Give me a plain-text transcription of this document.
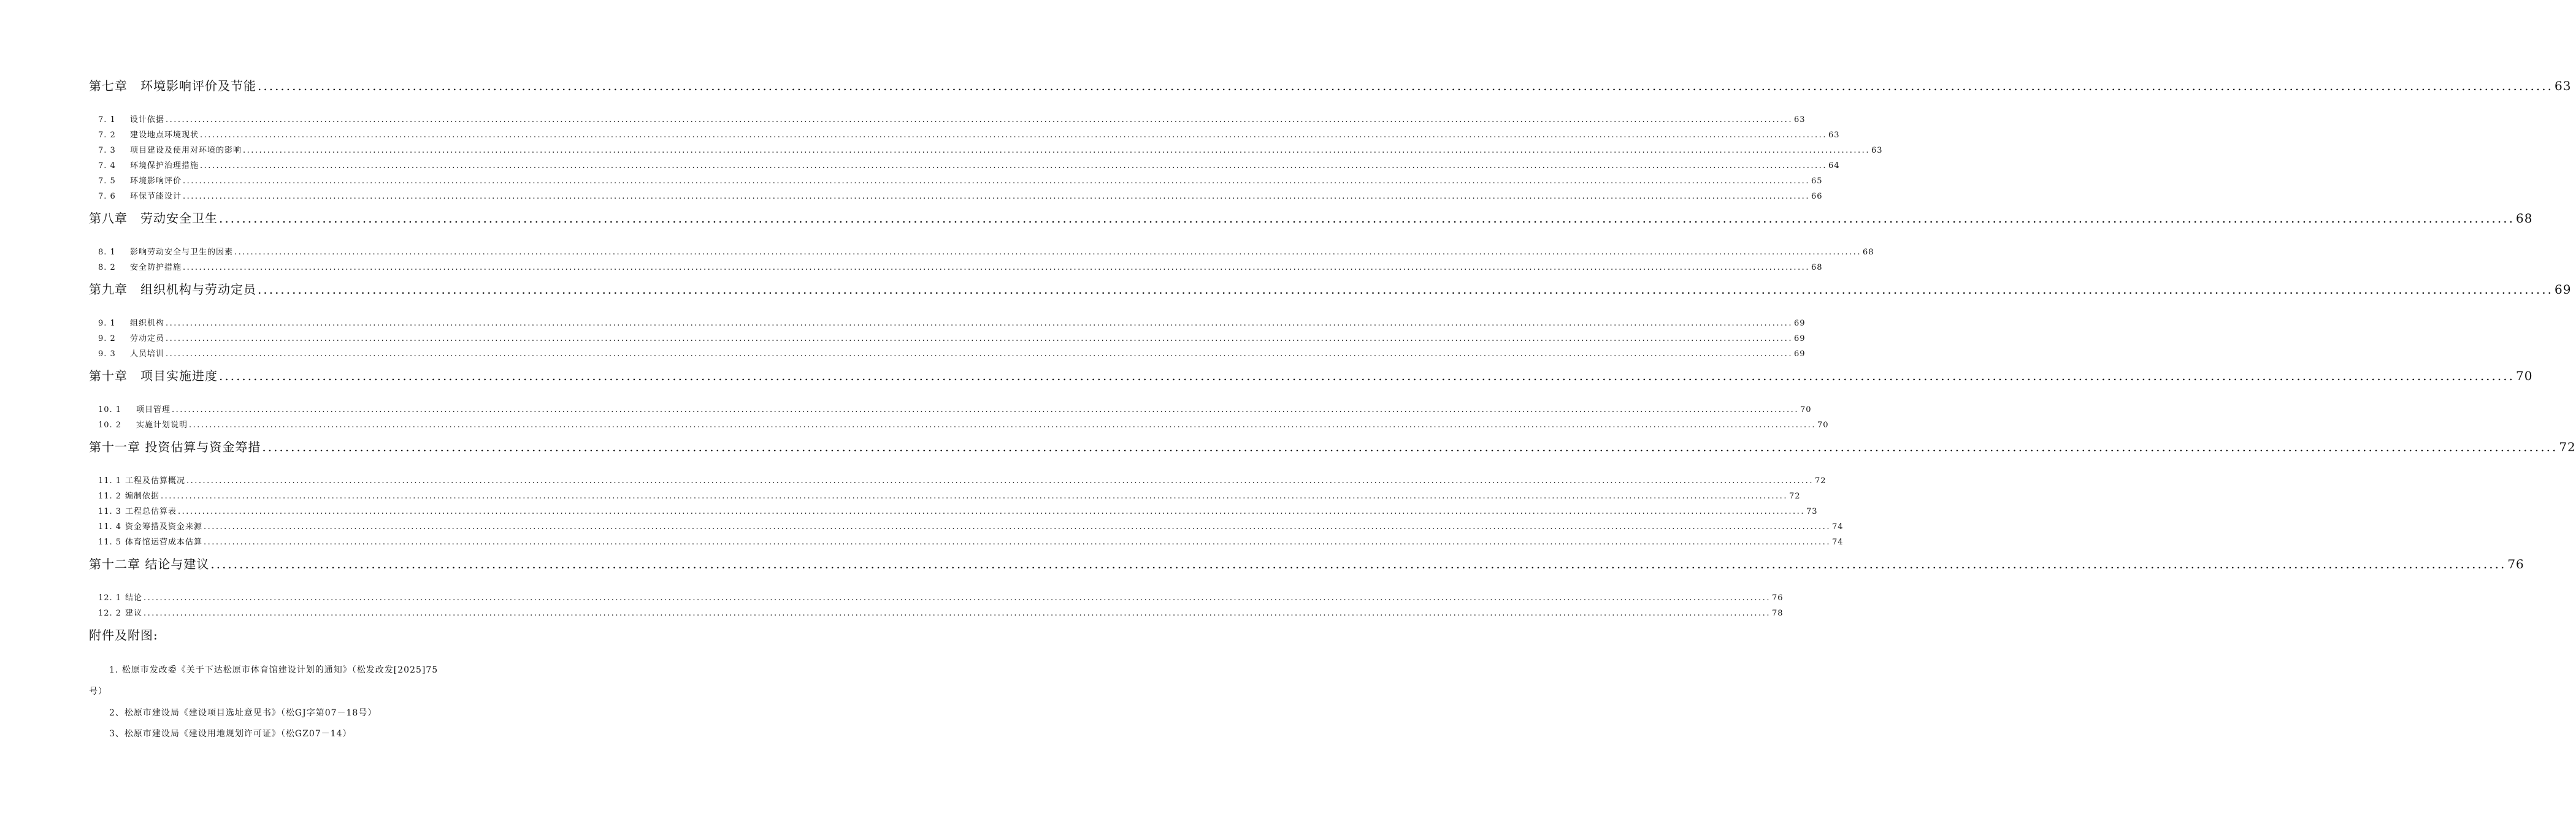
第七章　环境影响评价及节能 ................................................................................................................................................................................................................................................................................................................................................................................................................ 63
7. 1 设计依据 ................................................................................................................................................................................................................................................................................................................................................................................................................ 63
7. 2 建设地点环境现状 ................................................................................................................................................................................................................................................................................................................................................................................................................ 63
7. 3 项目建设及使用对环境的影响 ................................................................................................................................................................................................................................................................................................................................................................................................................ 63
7. 4 环境保护治理措施 ................................................................................................................................................................................................................................................................................................................................................................................................................ 64
7. 5 环境影响评价 ................................................................................................................................................................................................................................................................................................................................................................................................................ 65
7. 6 环保节能设计 ................................................................................................................................................................................................................................................................................................................................................................................................................ 66
第八章　劳动安全卫生 ................................................................................................................................................................................................................................................................................................................................................................................................................ 68
8. 1 影响劳动安全与卫生的因素 ................................................................................................................................................................................................................................................................................................................................................................................................................ 68
8. 2 安全防护措施 ................................................................................................................................................................................................................................................................................................................................................................................................................ 68
第九章　组织机构与劳动定员 ................................................................................................................................................................................................................................................................................................................................................................................................................ 69
9. 1 组织机构 ................................................................................................................................................................................................................................................................................................................................................................................................................ 69
9. 2 劳动定员 ................................................................................................................................................................................................................................................................................................................................................................................................................ 69
9. 3 人员培训 ................................................................................................................................................................................................................................................................................................................................................................................................................ 69
第十章　项目实施进度 ................................................................................................................................................................................................................................................................................................................................................................................................................ 70
10. 1 项目管理 ................................................................................................................................................................................................................................................................................................................................................................................................................ 70
10. 2 实施计划说明 ................................................................................................................................................................................................................................................................................................................................................................................................................ 70
第十一章 投资估算与资金筹措 ................................................................................................................................................................................................................................................................................................................................................................................................................ 72
11. 1 工程及估算概况 ................................................................................................................................................................................................................................................................................................................................................................................................................ 72
11. 2 编制依据 ................................................................................................................................................................................................................................................................................................................................................................................................................ 72
11. 3 工程总估算表 ................................................................................................................................................................................................................................................................................................................................................................................................................ 73
11. 4 资金筹措及资金来源 ................................................................................................................................................................................................................................................................................................................................................................................................................ 74
11. 5 体育馆运营成本估算 ................................................................................................................................................................................................................................................................................................................................................................................................................ 74
第十二章 结论与建议 ................................................................................................................................................................................................................................................................................................................................................................................................................ 76
12. 1 结论 ................................................................................................................................................................................................................................................................................................................................................................................................................ 76
12. 2 建议 ................................................................................................................................................................................................................................................................................................................................................................................................................ 78
附件及附图:
1. 松原市发改委《关于下达松原市体育馆建设计划的通知》（松发改发[2025]75
号）
2、松原市建设局《建设项目选址意见书》（松GJ字第07－18号）
3、松原市建设局《建设用地规划许可证》（松GZ07－14）
